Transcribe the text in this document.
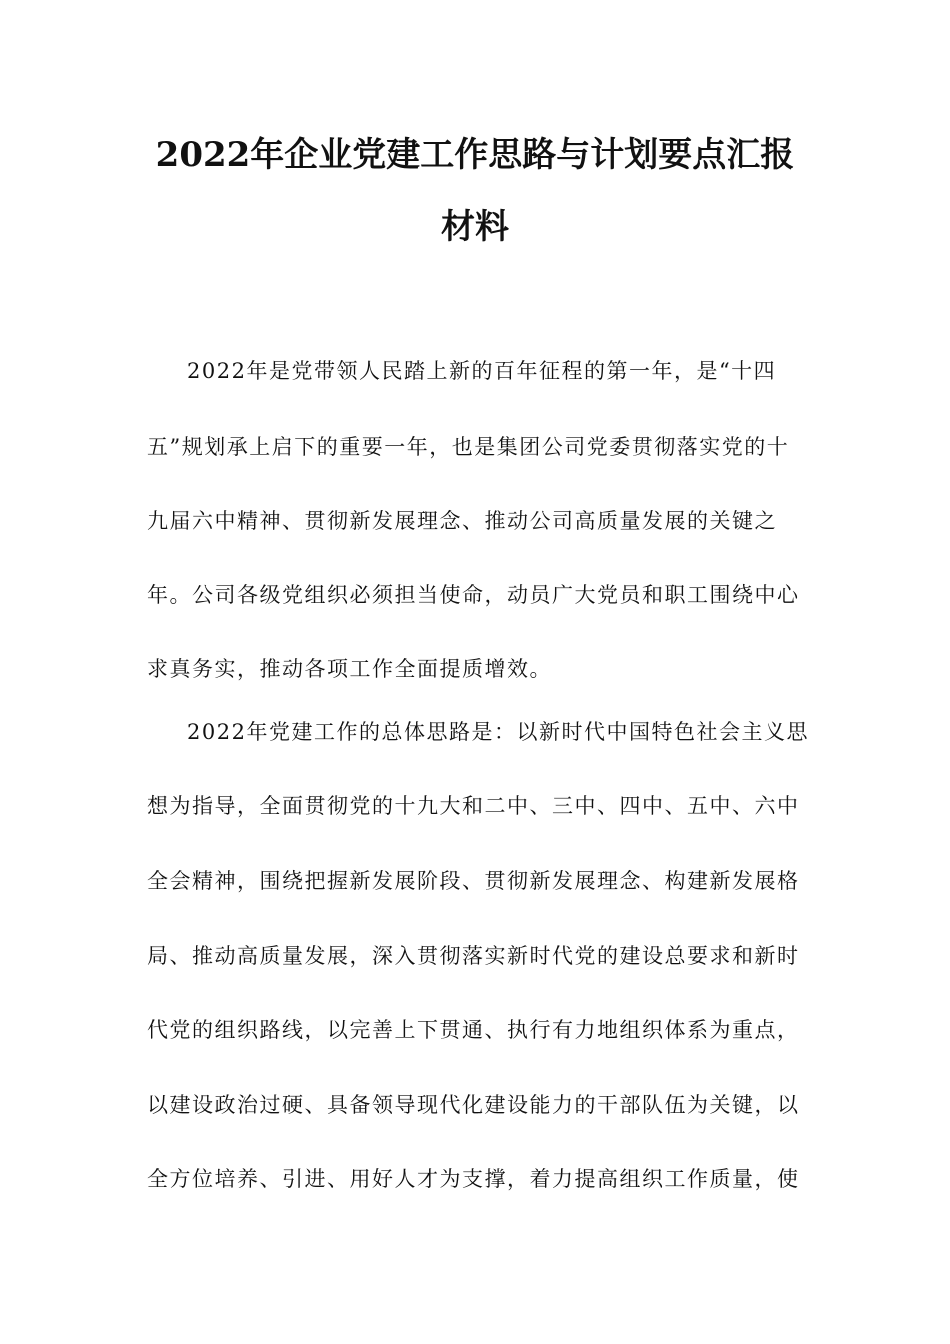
2022年企业党建工作思路与计划要点汇报
材料

2022年是党带领人民踏上新的百年征程的第一年，是“十四

五”规划承上启下的重要一年，也是集团公司党委贯彻落实党的十

九届六中精神、贯彻新发展理念、推动公司高质量发展的关键之

年。公司各级党组织必须担当使命，动员广大党员和职工围绕中心

求真务实，推动各项工作全面提质增效。

2022年党建工作的总体思路是：以新时代中国特色社会主义思

想为指导，全面贯彻党的十九大和二中、三中、四中、五中、六中

全会精神，围绕把握新发展阶段、贯彻新发展理念、构建新发展格

局、推动高质量发展，深入贯彻落实新时代党的建设总要求和新时

代党的组织路线，以完善上下贯通、执行有力地组织体系为重点，

以建设政治过硬、具备领导现代化建设能力的干部队伍为关键，以

全方位培养、引进、用好人才为支撑，着力提高组织工作质量，使
